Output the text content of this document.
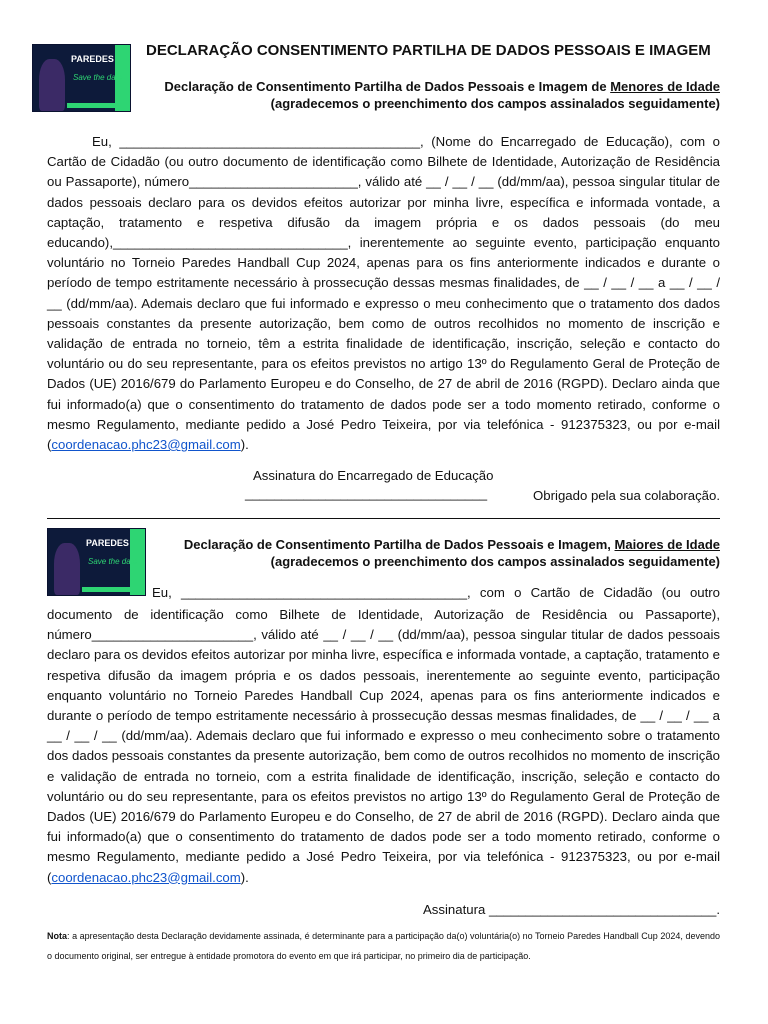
PAREDES
Save the date
DECLARAÇÃO CONSENTIMENTO PARTILHA DE DADOS PESSOAIS E IMAGEM
Declaração de Consentimento Partilha de Dados Pessoais e Imagem de Menores de Idade
(agradecemos o preenchimento dos campos assinalados seguidamente)
Eu, _________________________________________, (Nome do Encarregado de Educação), com o Cartão de Cidadão (ou outro documento de identificação como Bilhete de Identidade, Autorização de Residência ou Passaporte), número_______________________, válido até __ / __ / __ (dd/mm/aa), pessoa singular titular de dados pessoais declaro para os devidos efeitos autorizar por minha livre, específica e informada vontade, a captação, tratamento e respetiva difusão da imagem própria e os dados pessoais (do meu educando),________________________________, inerentemente ao seguinte evento, participação enquanto voluntário no Torneio Paredes Handball Cup 2024, apenas para os fins anteriormente indicados e durante o período de tempo estritamente necessário à prossecução dessas mesmas finalidades, de __ / __ / __ a __ / __ / __ (dd/mm/aa). Ademais declaro que fui informado e expresso o meu conhecimento que o tratamento dos dados pessoais constantes da presente autorização, bem como de outros recolhidos no momento de inscrição e validação de entrada no torneio, têm a estrita finalidade de identificação, inscrição, seleção e contacto do voluntário ou do seu representante, para os efeitos previstos no artigo 13º do Regulamento Geral de Proteção de Dados (UE) 2016/679 do Parlamento Europeu e do Conselho, de 27 de abril de 2016 (RGPD). Declaro ainda que fui informado(a) que o consentimento do tratamento de dados pode ser a todo momento retirado, conforme o mesmo Regulamento, mediante pedido a José Pedro Teixeira, por via telefónica - 912375323, ou por e-mail (coordenacao.phc23@gmail.com).
Assinatura do Encarregado de Educação
_________________________________	Obrigado pela sua colaboração.
PAREDES
Save the date
Declaração de Consentimento Partilha de Dados Pessoais e Imagem, Maiores de Idade
(agradecemos o preenchimento dos campos assinalados seguidamente)
Eu, _______________________________________, com o Cartão de Cidadão (ou outro
documento de identificação como Bilhete de Identidade, Autorização de Residência ou Passaporte), número______________________, válido até __ / __ / __ (dd/mm/aa), pessoa singular titular de dados pessoais declaro para os devidos efeitos autorizar por minha livre, específica e informada vontade, a captação, tratamento e respetiva difusão da imagem própria e os dados pessoais, inerentemente ao seguinte evento, participação enquanto voluntário no Torneio Paredes Handball Cup 2024, apenas para os fins anteriormente indicados e durante o período de tempo estritamente necessário à prossecução dessas mesmas finalidades, de __ / __ / __ a __ / __ / __ (dd/mm/aa). Ademais declaro que fui informado e expresso o meu conhecimento sobre o tratamento dos dados pessoais constantes da presente autorização, bem como de outros recolhidos no momento de inscrição e validação de entrada no torneio, com a estrita finalidade de identificação, inscrição, seleção e contacto do voluntário ou do seu representante, para os efeitos previstos no artigo 13º do Regulamento Geral de Proteção de Dados (UE) 2016/679 do Parlamento Europeu e do Conselho, de 27 de abril de 2016 (RGPD). Declaro ainda que fui informado(a) que o consentimento do tratamento de dados pode ser a todo momento retirado, conforme o mesmo Regulamento, mediante pedido a José Pedro Teixeira, por via telefónica - 912375323, ou por e-mail (coordenacao.phc23@gmail.com).
Assinatura _______________________________.
Nota: a apresentação desta Declaração devidamente assinada, é determinante para a participação da(o) voluntária(o) no Torneio Paredes Handball Cup 2024, devendo o documento original, ser entregue à entidade promotora do evento em que irá participar, no primeiro dia de participação.
